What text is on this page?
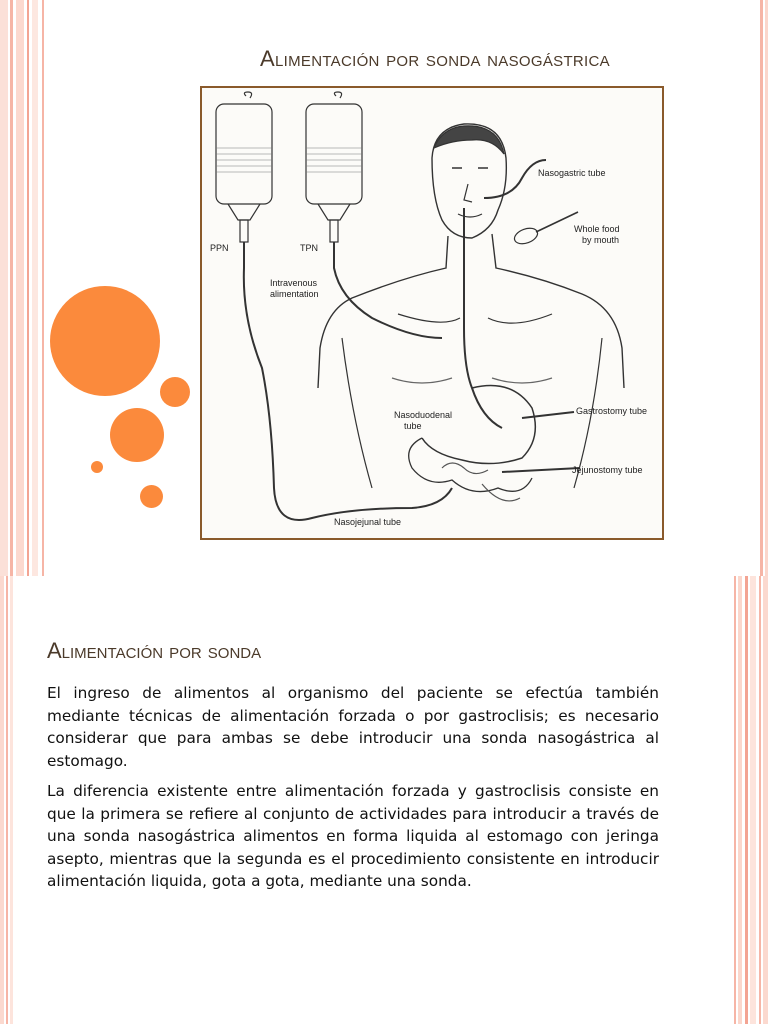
Alimentación por sonda nasogástrica
PPN	TPN
Intravenous
alimentation
Nasogastric tube
Whole food
by mouth
Nasoduodenal
tube
Gastrostomy tube
Jejunostomy tube
Nasojejunal tube
Alimentación por sonda

El ingreso de alimentos al organismo del paciente se efectúa también mediante técnicas de alimentación forzada o por gastroclisis; es necesario considerar que para ambas se debe introducir una sonda nasogástrica al estomago.

La diferencia existente entre alimentación forzada y gastroclisis consiste en que la primera se refiere al conjunto de actividades para introducir a través de una sonda nasogástrica alimentos en forma liquida al estomago con jeringa asepto, mientras que la segunda es el procedimiento consistente en introducir alimentación liquida, gota a gota, mediante una sonda.
